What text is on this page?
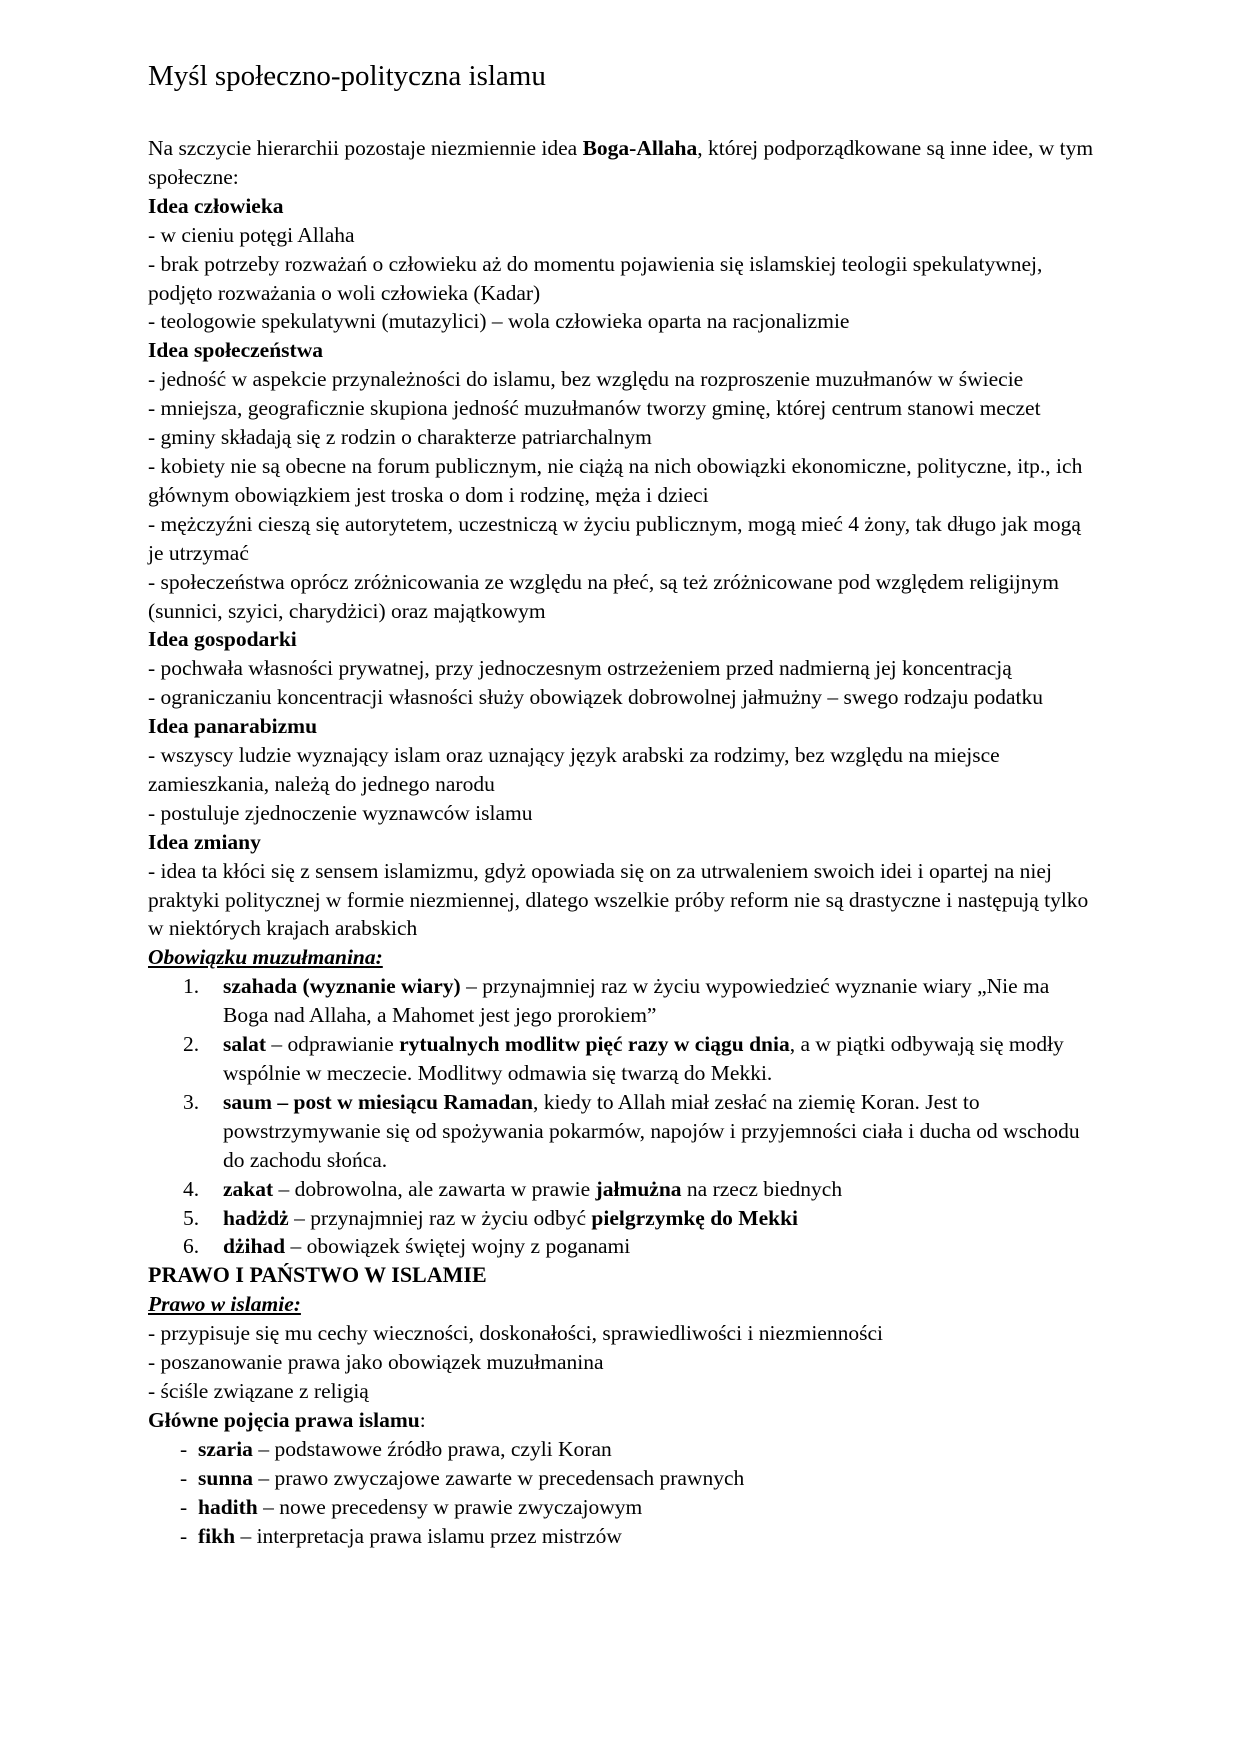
Myśl społeczno-polityczna islamu

Na szczycie hierarchii pozostaje niezmiennie idea Boga-Allaha, której podporządkowane są inne idee, w tym społeczne:

Idea człowieka

- w cieniu potęgi Allaha

- brak potrzeby rozważań o człowieku aż do momentu pojawienia się islamskiej teologii spekulatywnej, podjęto rozważania o woli człowieka (Kadar)

- teologowie spekulatywni (mutazylici) – wola człowieka oparta na racjonalizmie

Idea społeczeństwa

- jedność w aspekcie przynależności do islamu, bez względu na rozproszenie muzułmanów w świecie

- mniejsza, geograficznie skupiona jedność muzułmanów tworzy gminę, której centrum stanowi meczet

- gminy składają się z rodzin o charakterze patriarchalnym

- kobiety nie są obecne na forum publicznym, nie ciążą na nich obowiązki ekonomiczne, polityczne, itp., ich głównym obowiązkiem jest troska o dom i rodzinę, męża i dzieci

- mężczyźni cieszą się autorytetem, uczestniczą w życiu publicznym, mogą mieć 4 żony, tak długo jak mogą je utrzymać

- społeczeństwa oprócz zróżnicowania ze względu na płeć, są też zróżnicowane pod względem religijnym (sunnici, szyici, charydżici) oraz majątkowym

Idea gospodarki

- pochwała własności prywatnej, przy jednoczesnym ostrzeżeniem przed nadmierną jej koncentracją

- ograniczaniu koncentracji własności służy obowiązek dobrowolnej jałmużny – swego rodzaju podatku

Idea panarabizmu

- wszyscy ludzie wyznający islam oraz uznający język arabski za rodzimy, bez względu na miejsce zamieszkania, należą do jednego narodu

- postuluje zjednoczenie wyznawców islamu

Idea zmiany

- idea ta kłóci się z sensem islamizmu, gdyż opowiada się on za utrwaleniem swoich idei i opartej na niej praktyki politycznej w formie niezmiennej, dlatego wszelkie próby reform nie są drastyczne i następują tylko w niektórych krajach arabskich

Obowiązku muzułmanina:

1. szahada (wyznanie wiary) – przynajmniej raz w życiu wypowiedzieć wyznanie wiary „Nie ma Boga nad Allaha, a Mahomet jest jego prorokiem”
2. salat – odprawianie rytualnych modlitw pięć razy w ciągu dnia, a w piątki odbywają się modły wspólnie w meczecie. Modlitwy odmawia się twarzą do Mekki.
3. saum – post w miesiącu Ramadan, kiedy to Allah miał zesłać na ziemię Koran. Jest to powstrzymywanie się od spożywania pokarmów, napojów i przyjemności ciała i ducha od wschodu do zachodu słońca.
4. zakat – dobrowolna, ale zawarta w prawie jałmużna na rzecz biednych
5. hadżdż – przynajmniej raz w życiu odbyć pielgrzymkę do Mekki
6. dżihad – obowiązek świętej wojny z poganami

PRAWO I PAŃSTWO W ISLAMIE

Prawo w islamie:

- przypisuje się mu cechy wieczności, doskonałości, sprawiedliwości i niezmienności

- poszanowanie prawa jako obowiązek muzułmanina

- ściśle związane z religią

Główne pojęcia prawa islamu:

- szaria – podstawowe źródło prawa, czyli Koran
- sunna – prawo zwyczajowe zawarte w precedensach prawnych
- hadith – nowe precedensy w prawie zwyczajowym
- fikh – interpretacja prawa islamu przez mistrzów
